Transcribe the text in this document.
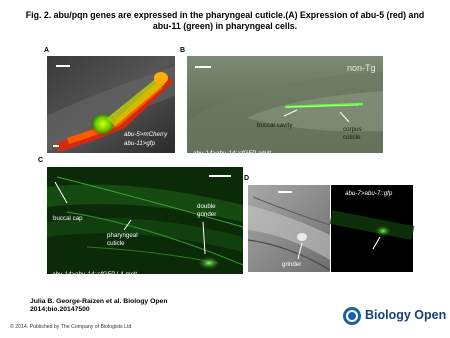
Fig. 2. abu/pqn genes are expressed in the pharyngeal cuticle.(A) Expression of abu-5 (red) and
abu-11 (green) in pharyngeal cells.
A
abu-5>mCherry
abu-11>gfp
B
non-Tg
buccal cavity
corpus
cuticle
abu-14>abu-14::sfGFP adult
C
buccal cap
pharyngeal
cuticle
double
grinder
abu-14>abu-14::sfGFP L4 molt
D
grinder
abu-7>abu-7::gfp
Julia B. George-Raizen et al. Biology Open
2014;bio.20147500
© 2014. Published by The Company of Biologists Ltd
Biology Open
